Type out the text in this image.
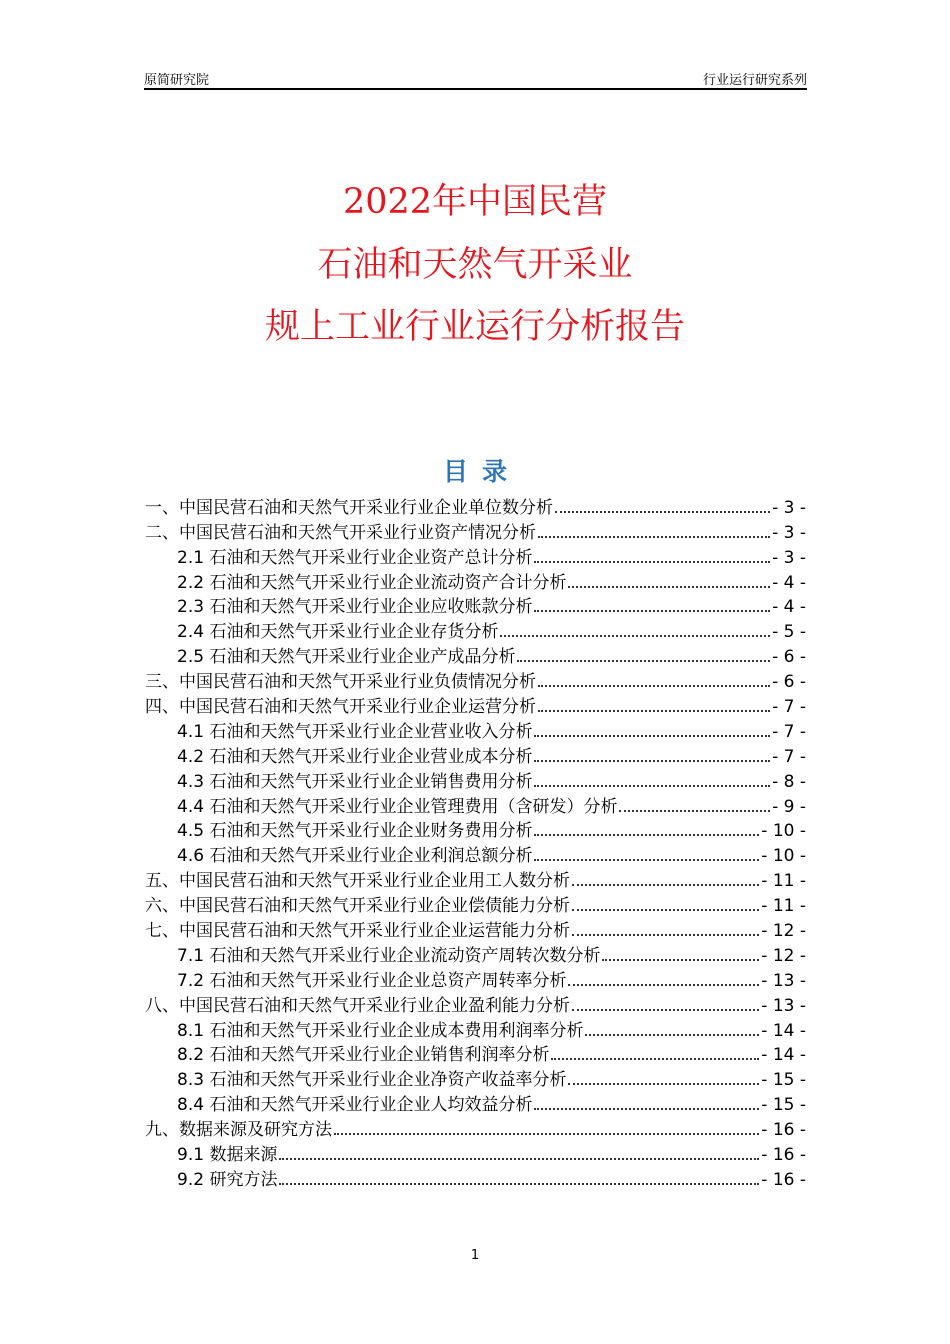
原简研究院	行业运行研究系列
2022年中国民营
石油和天然气开采业
规上工业行业运行分析报告
目录
一、中国民营石油和天然气开采业行业企业单位数分析	- 3 -
二、中国民营石油和天然气开采业行业资产情况分析	- 3 -
2.1 石油和天然气开采业行业企业资产总计分析	- 3 -
2.2 石油和天然气开采业行业企业流动资产合计分析	- 4 -
2.3 石油和天然气开采业行业企业应收账款分析	- 4 -
2.4 石油和天然气开采业行业企业存货分析	- 5 -
2.5 石油和天然气开采业行业企业产成品分析	- 6 -
三、中国民营石油和天然气开采业行业负债情况分析	- 6 -
四、中国民营石油和天然气开采业行业企业运营分析	- 7 -
4.1 石油和天然气开采业行业企业营业收入分析	- 7 -
4.2 石油和天然气开采业行业企业营业成本分析	- 7 -
4.3 石油和天然气开采业行业企业销售费用分析	- 8 -
4.4 石油和天然气开采业行业企业管理费用（含研发）分析	- 9 -
4.5 石油和天然气开采业行业企业财务费用分析	- 10 -
4.6 石油和天然气开采业行业企业利润总额分析	- 10 -
五、中国民营石油和天然气开采业行业企业用工人数分析	- 11 -
六、中国民营石油和天然气开采业行业企业偿债能力分析	- 11 -
七、中国民营石油和天然气开采业行业企业运营能力分析	- 12 -
7.1 石油和天然气开采业行业企业流动资产周转次数分析	- 12 -
7.2 石油和天然气开采业行业企业总资产周转率分析	- 13 -
八、中国民营石油和天然气开采业行业企业盈利能力分析	- 13 -
8.1 石油和天然气开采业行业企业成本费用利润率分析	- 14 -
8.2 石油和天然气开采业行业企业销售利润率分析	- 14 -
8.3 石油和天然气开采业行业企业净资产收益率分析	- 15 -
8.4 石油和天然气开采业行业企业人均效益分析	- 15 -
九、数据来源及研究方法	- 16 -
9.1 数据来源	- 16 -
9.2 研究方法	- 16 -
1
